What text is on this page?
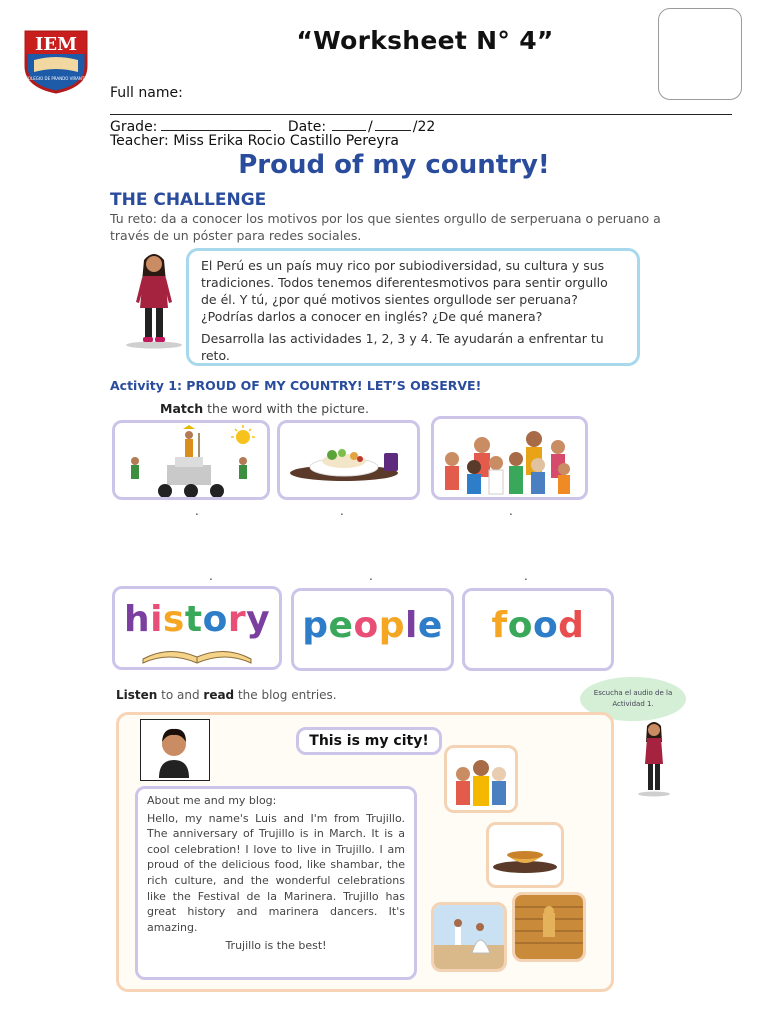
IEM
COLEGIO DE PRANDO VIRANTE
“Worksheet N° 4”
Full name:
Grade:	Date:	/	/22
Teacher: Miss Erika Rocio Castillo Pereyra
Proud of my country!
THE CHALLENGE
Tu reto: da a conocer los motivos por los que sientes orgullo de serperuana o peruano a través de un póster para redes sociales.

El Perú es un país muy rico por subiodiversidad, su cultura y sus tradiciones. Todos tenemos diferentesmotivos para sentir orgullo de él. Y tú, ¿por qué motivos sientes orgullode ser peruana? ¿Podrías darlos a conocer en inglés? ¿De qué manera?

Desarrolla las actividades 1, 2, 3 y 4. Te ayudarán a enfrentar tu reto.

Activity 1: PROUD OF MY COUNTRY! LET’S OBSERVE!
Match the word with the picture.
.	.	.
.	.	.
history people	food
Listen to and read the blog entries.	Escucha el audio de la Actividad 1.
This is my city!
About me and my blog:
Hello, my name's Luis and I'm from Trujillo. The anniversary of Trujillo is in March. It is a cool celebration! I love to live in Trujillo. I am proud of the delicious food, like shambar, the rich culture, and the wonderful celebrations like the Festival de la Marinera. Trujillo has great history and marinera dancers. It's amazing.
Trujillo is the best!
